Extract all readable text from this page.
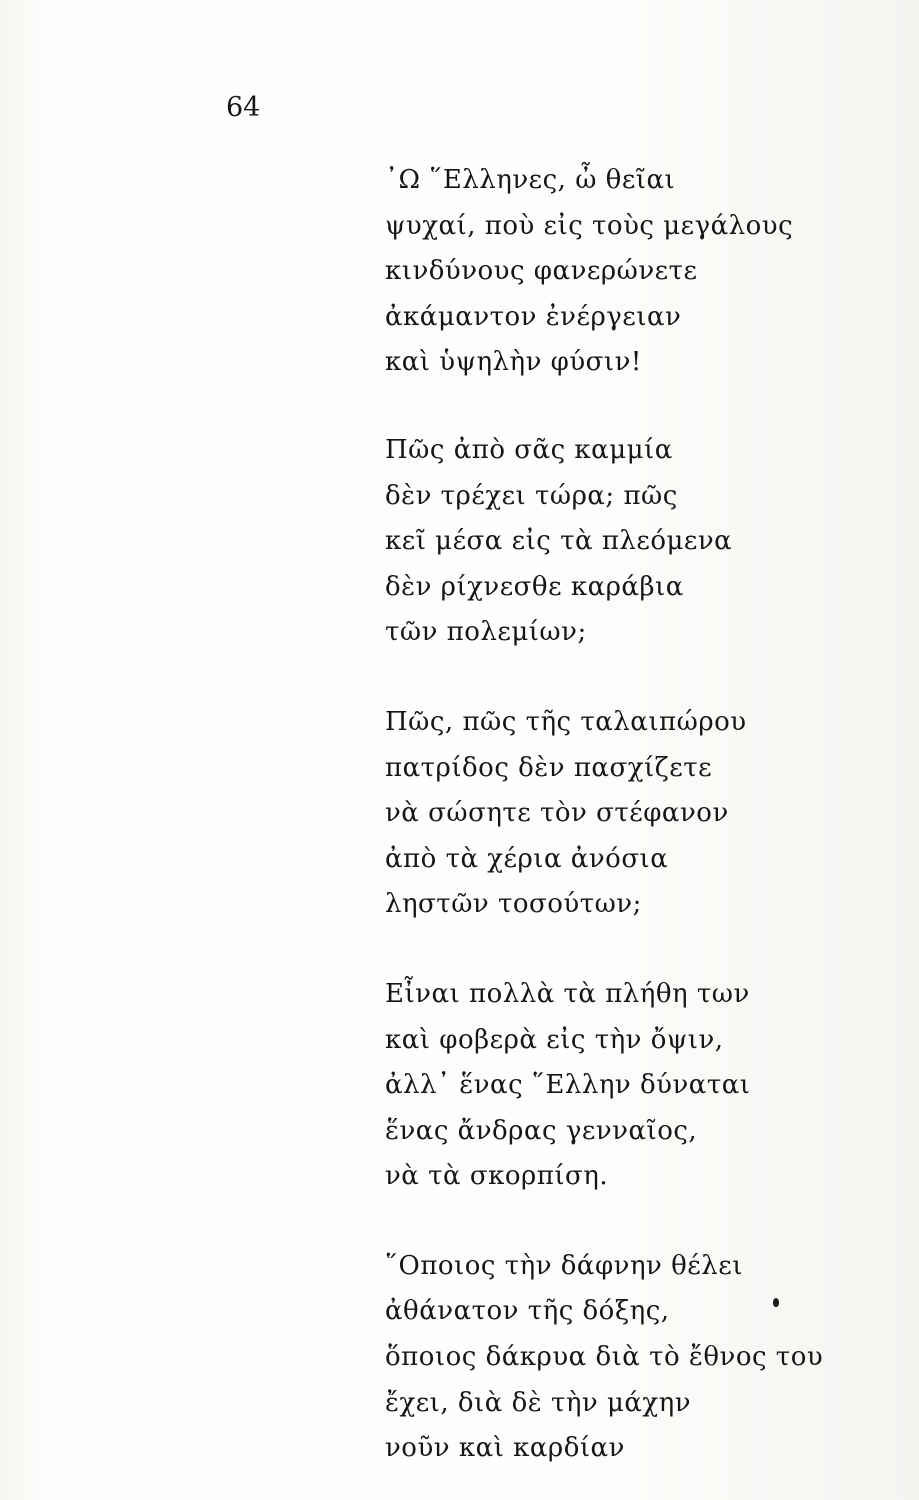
64
᾽Ω ῞Ελληνες, ὦ θεῖαι
ψυχαί, ποὺ εἰς τοὺς μεγάλους
κινδύνους φανερώνετε
ἀκάμαντον ἐνέργειαν
καὶ ὑψηλὴν φύσιν!
Πῶς ἀπὸ σᾶς καμμία
δὲν τρέχει τώρα; πῶς
κεῖ μέσα εἰς τὰ πλεόμενα
δὲν ρίχνεσθε καράβια
τῶν πολεμίων;
Πῶς, πῶς τῆς ταλαιπώρου
πατρίδος δὲν πασχίζετε
νὰ σώσητε τὸν στέφανον
ἀπὸ τὰ χέρια ἀνόσια
ληστῶν τοσούτων;
Εἶναι πολλὰ τὰ πλήθη των
καὶ φοβερὰ εἰς τὴν ὄψιν,
ἀλλ᾽ ἕνας ῞Ελλην δύναται
ἕνας ἄνδρας γενναῖος,
νὰ τὰ σκορπίση.
῞Οποιος τὴν δάφνην θέλει
ἀθάνατον τῆς δόξης,
ὅποιος δάκρυα διὰ τὸ ἔθνος του
ἔχει, διὰ δὲ τὴν μάχην
νοῦν καὶ καρδίαν
